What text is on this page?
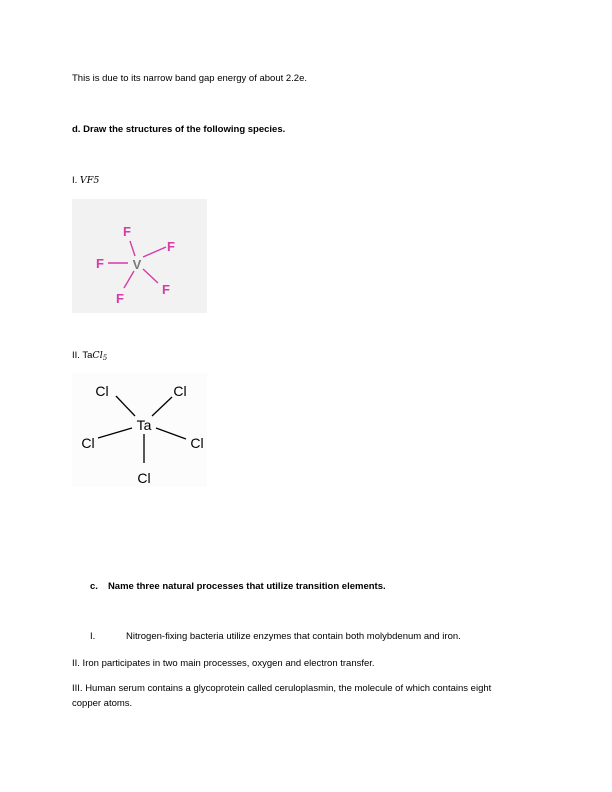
This is due to its narrow band gap energy of about 2.2e.
d. Draw the structures of the following species.
I. VF5
V
F
F
F
F
F
II. TaCl$_5$
Ta
Cl	Cl
Cl	Cl
Cl
c. Name three natural processes that utilize transition elements.
I.	Nitrogen-fixing bacteria utilize enzymes that contain both molybdenum and iron.
II. Iron participates in two main processes, oxygen and electron transfer.
III. Human serum contains a glycoprotein called ceruloplasmin, the molecule of which contains eight
copper atoms.
